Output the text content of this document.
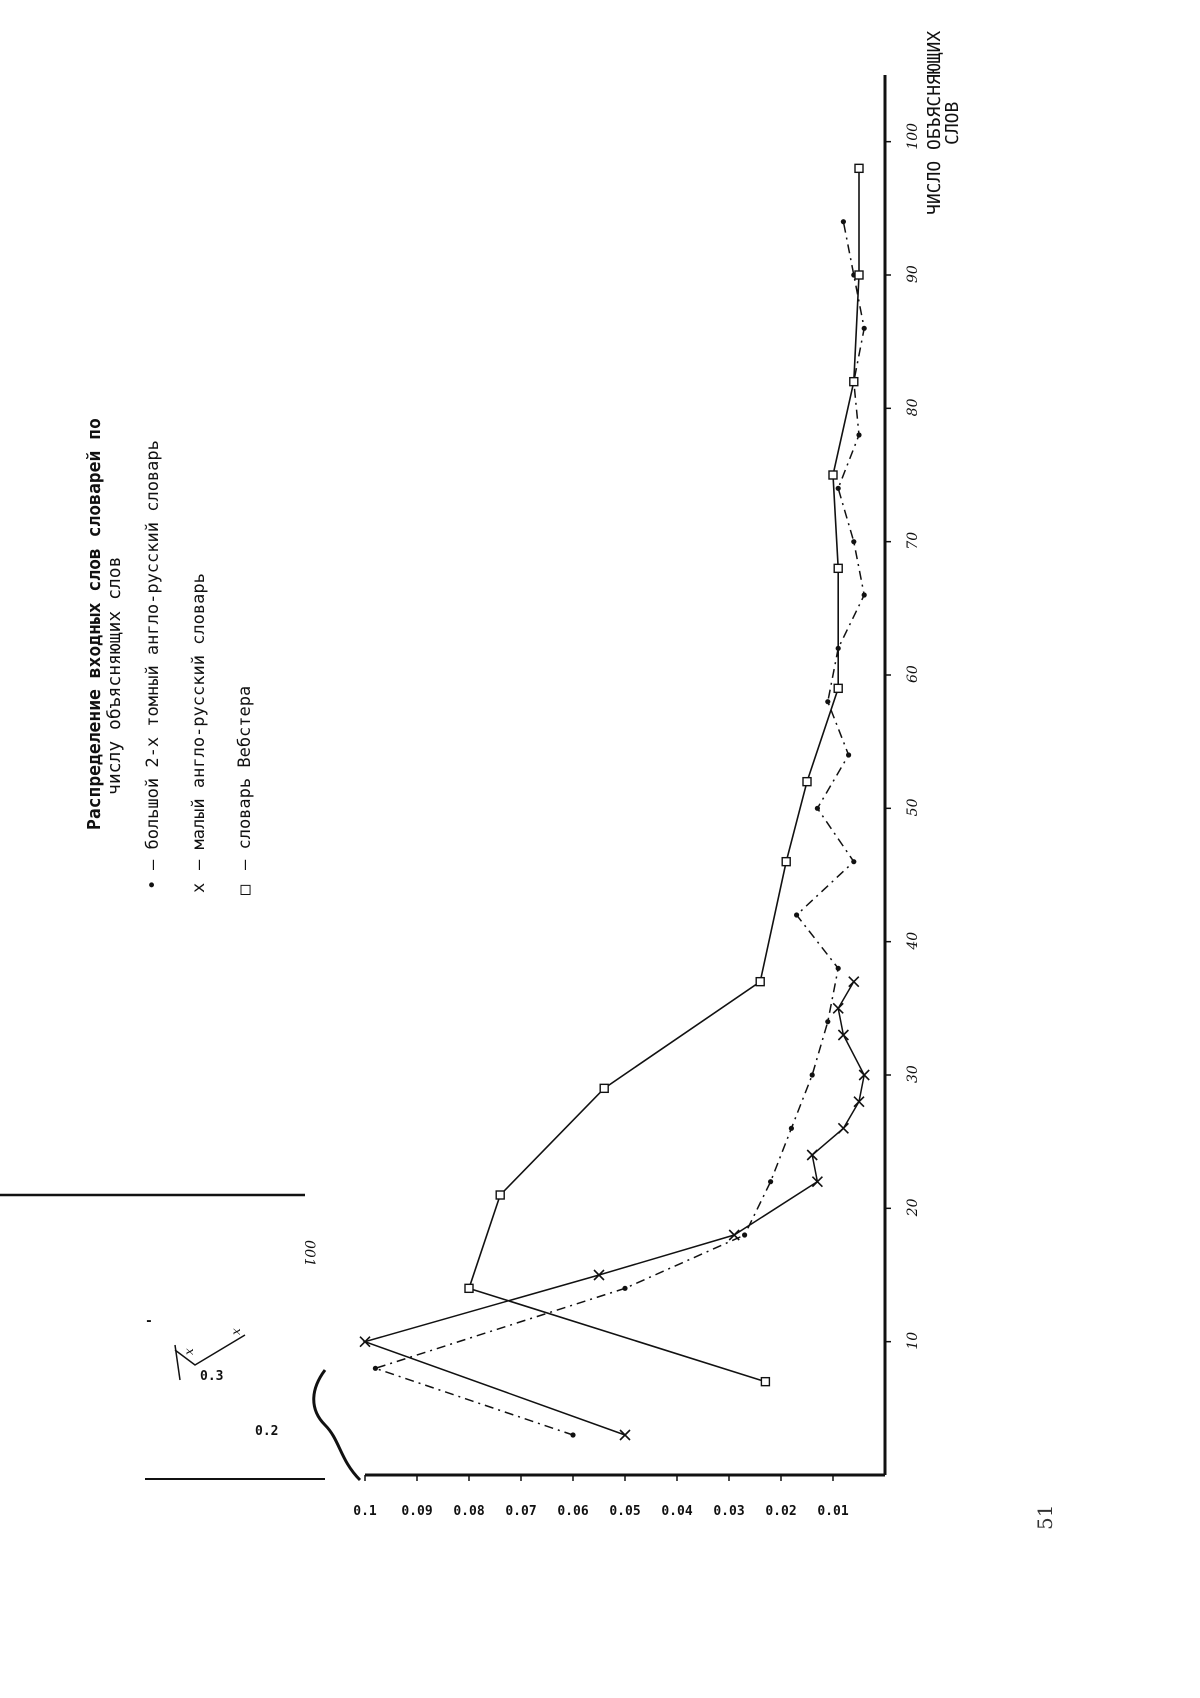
10
20
30
40
50
60
70
80
90
100
0.1 0.09 0.08 0.07 0.06 0.05 0.04 0.03 0.02 0.01
0.3
0.2
-
x
x
001
ЧИСЛО ОБЪЯСНЯЮЩИХ
СЛОВ
Распределение входных слов словарей по числу объясняющих слов
•
– большой 2-х томный англо-русский словарь
x
– малый англо-русский словарь
□
– словарь Вебстера
51
